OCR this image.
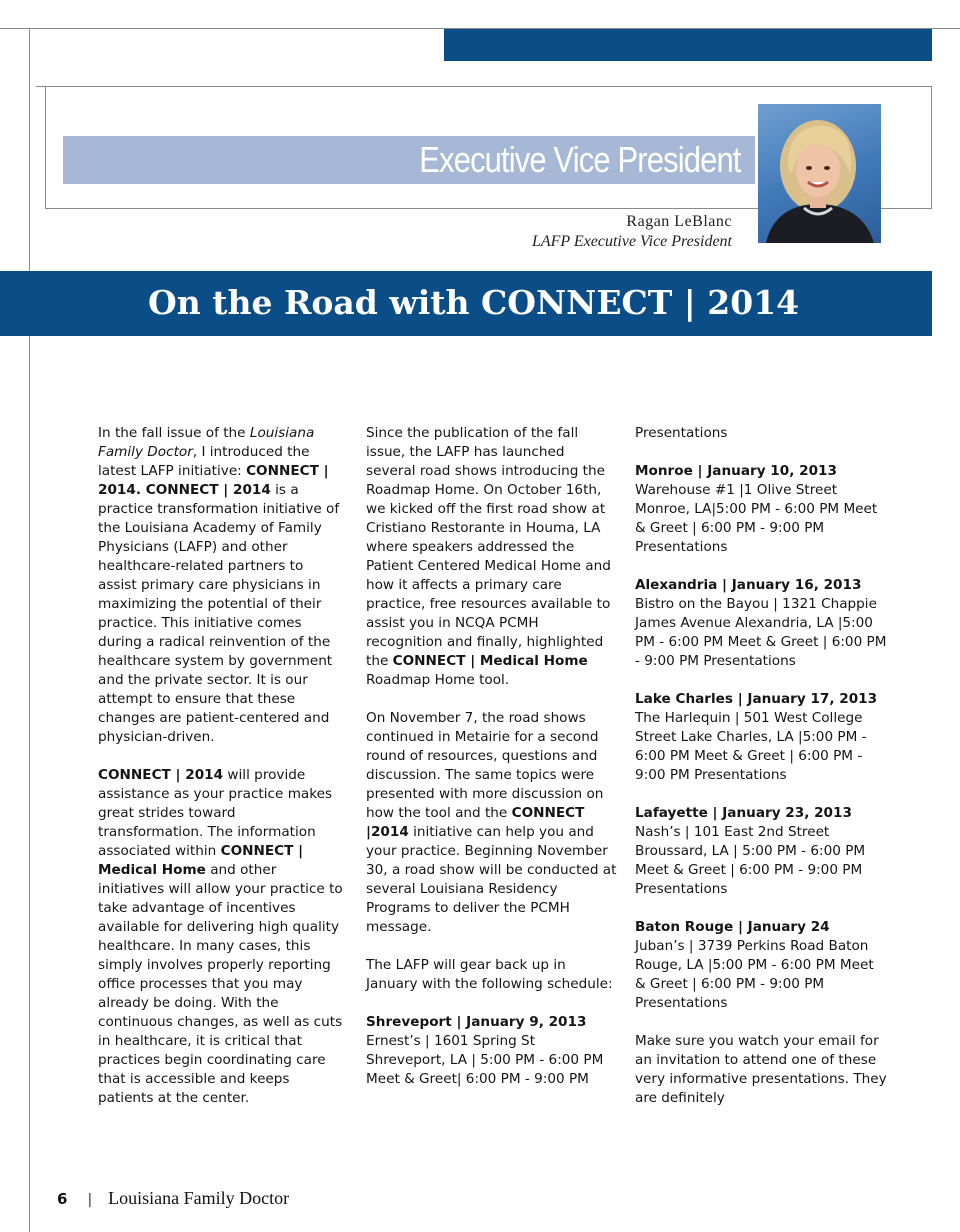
Executive Vice President
Ragan LeBlanc
LAFP Executive Vice President
On the Road with CONNECT | 2014

In the fall issue of the Louisiana Family Doctor, I introduced the latest LAFP initiative: CONNECT | 2014. CONNECT | 2014 is a practice transformation initiative of the Louisiana Academy of Family Physicians (LAFP) and other healthcare-related partners to assist primary care physicians in maximizing the potential of their practice. This initiative comes during a radical reinvention of the healthcare system by government and the private sector. It is our attempt to ensure that these changes are patient-centered and physician-driven.

CONNECT | 2014 will provide assistance as your practice makes great strides toward transformation. The information associated within CONNECT | Medical Home and other initiatives will allow your practice to take advantage of incentives available for delivering high quality healthcare. In many cases, this simply involves properly reporting office processes that you may already be doing. With the continuous changes, as well as cuts in healthcare, it is critical that practices begin coordinating care that is accessible and keeps patients at the center.

Since the publication of the fall issue, the LAFP has launched several road shows introducing the Roadmap Home. On October 16th, we kicked off the first road show at Cristiano Restorante in Houma, LA where speakers addressed the Patient Centered Medical Home and how it affects a primary care practice, free resources available to assist you in NCQA PCMH recognition and finally, highlighted the CONNECT | Medical Home Roadmap Home tool.

On November 7, the road shows continued in Metairie for a second round of resources, questions and discussion. The same topics were presented with more discussion on how the tool and the CONNECT |2014 initiative can help you and your practice. Beginning November 30, a road show will be conducted at several Louisiana Residency Programs to deliver the PCMH message.

The LAFP will gear back up in January with the following schedule:

Shreveport | January 9, 2013
Ernest’s | 1601 Spring St Shreveport, LA | 5:00 PM - 6:00 PM Meet & Greet| 6:00 PM - 9:00 PM

Presentations

Monroe | January 10, 2013
Warehouse #1 |1 Olive Street Monroe, LA|5:00 PM - 6:00 PM Meet & Greet | 6:00 PM - 9:00 PM Presentations

Alexandria | January 16, 2013
Bistro on the Bayou | 1321 Chappie James Avenue Alexandria, LA |5:00 PM - 6:00 PM Meet & Greet | 6:00 PM - 9:00 PM Presentations

Lake Charles | January 17, 2013
The Harlequin | 501 West College Street Lake Charles, LA |5:00 PM - 6:00 PM Meet & Greet | 6:00 PM - 9:00 PM Presentations

Lafayette | January 23, 2013
Nash’s | 101 East 2nd Street Broussard, LA | 5:00 PM - 6:00 PM Meet & Greet | 6:00 PM - 9:00 PM Presentations

Baton Rouge | January 24
Juban’s | 3739 Perkins Road Baton Rouge, LA |5:00 PM - 6:00 PM Meet & Greet | 6:00 PM - 9:00 PM Presentations

Make sure you watch your email for an invitation to attend one of these very informative presentations. They are definitely

6 | Louisiana Family Doctor
